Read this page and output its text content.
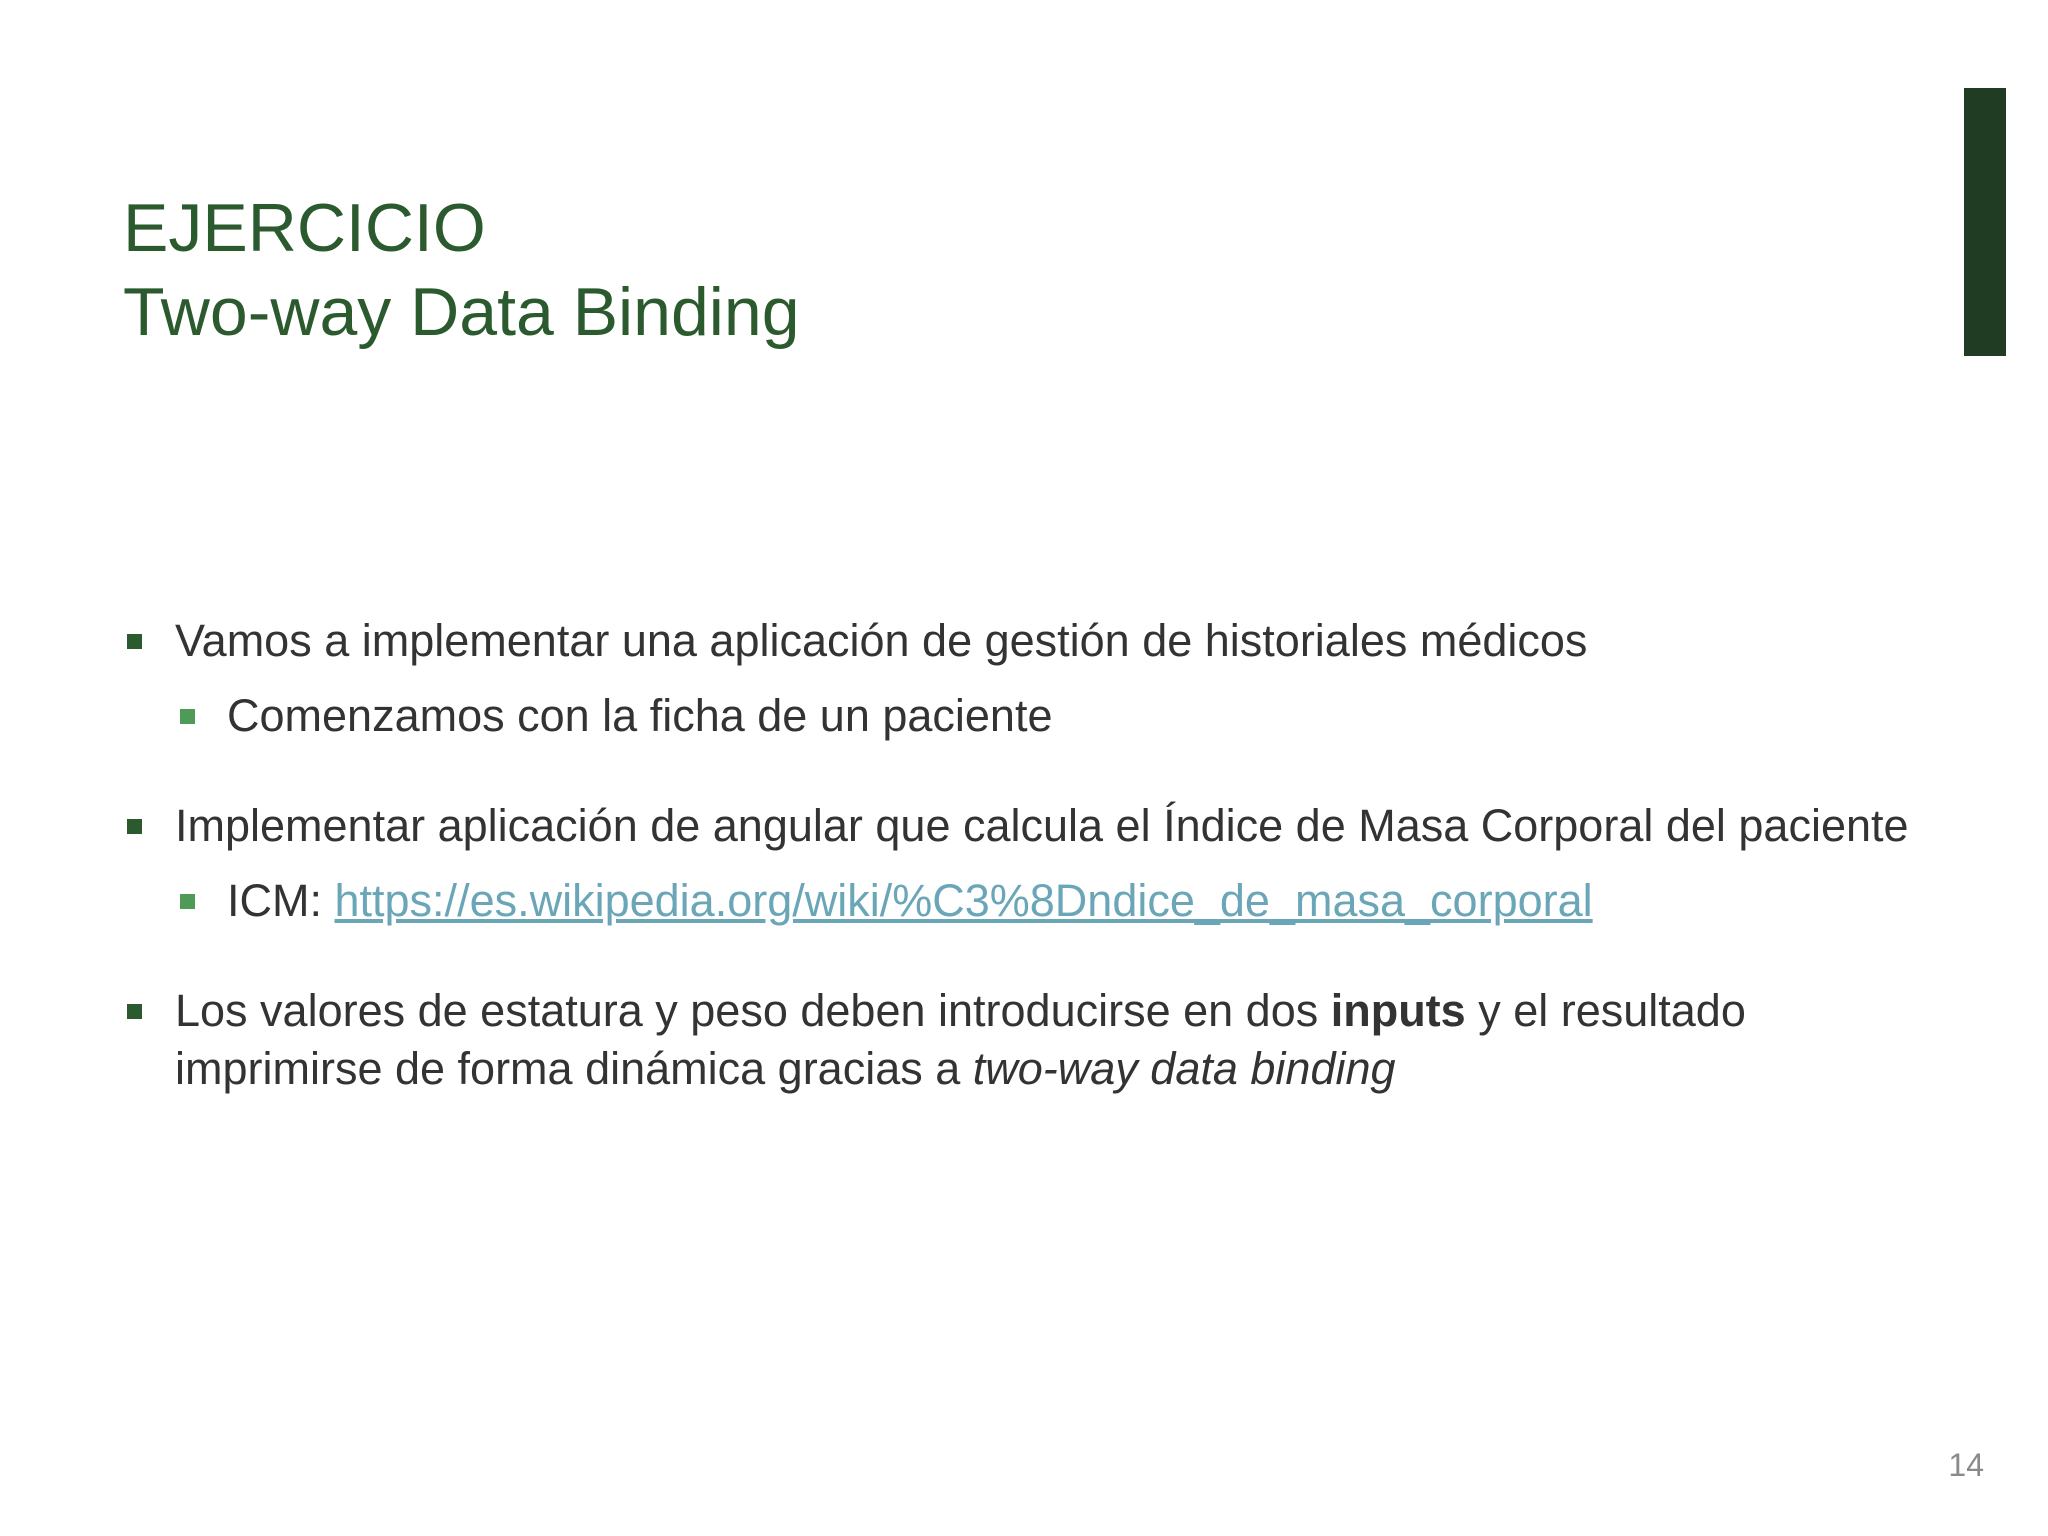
EJERCICIO
Two-way Data Binding
Vamos a implementar una aplicación de gestión de historiales médicos
Comenzamos con la ficha de un paciente
Implementar aplicación de angular que calcula el Índice de Masa Corporal del paciente
ICM: https://es.wikipedia.org/wiki/%C3%8Dndice_de_masa_corporal
Los valores de estatura y peso deben introducirse en dos inputs y el resultado imprimirse de forma dinámica gracias a two-way data binding
14
